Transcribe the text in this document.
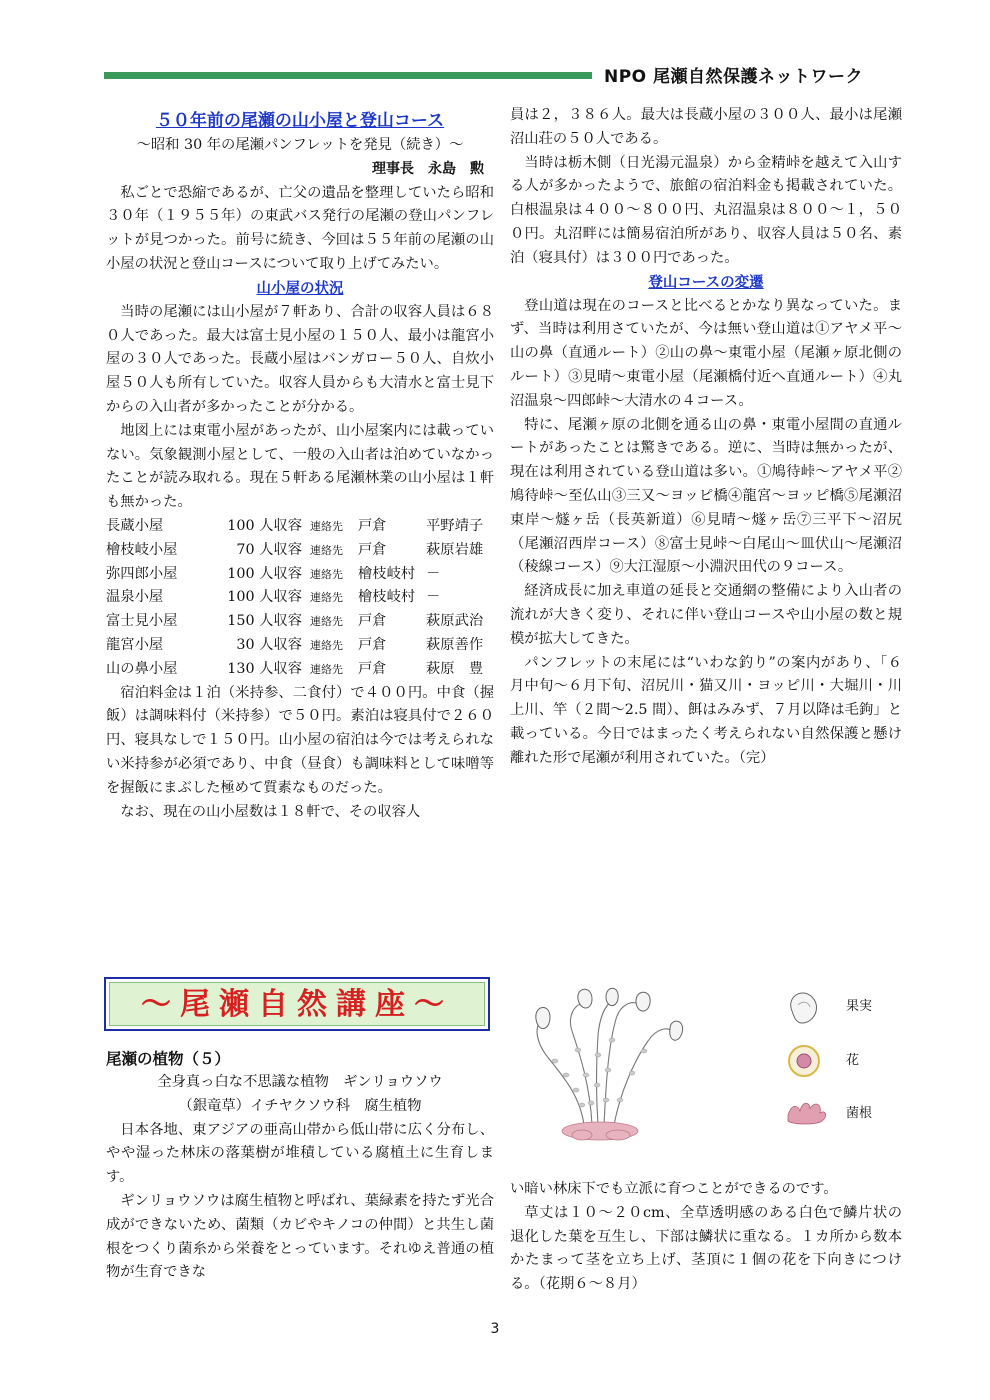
NPO 尾瀬自然保護ネットワーク
５０年前の尾瀬の山小屋と登山コース
～昭和 30 年の尾瀬パンフレットを発見（続き）～
理事長　永島　勲

私ごとで恐縮であるが、亡父の遺品を整理していたら昭和３０年（１９５５年）の東武バス発行の尾瀬の登山パンフレットが見つかった。前号に続き、今回は５５年前の尾瀬の山小屋の状況と登山コースについて取り上げてみたい。

山小屋の状況

当時の尾瀬には山小屋が７軒あり、合計の収容人員は６８０人であった。最大は富士見小屋の１５０人、最小は龍宮小屋の３０人であった。長蔵小屋はバンガロー５０人、自炊小屋５０人も所有していた。収容人員からも大清水と富士見下からの入山者が多かったことが分かる。

地図上には東電小屋があったが、山小屋案内には載っていない。気象観測小屋として、一般の入山者は泊めていなかったことが読み取れる。現在５軒ある尾瀬林業の山小屋は１軒も無かった。

長蔵小屋	100 人収容	連絡先	戸倉	平野靖子
檜枝岐小屋	70 人収容	連絡先	戸倉	萩原岩雄
弥四郎小屋	100 人収容	連絡先	檜枝岐村	－
温泉小屋	100 人収容	連絡先	檜枝岐村	－
富士見小屋	150 人収容	連絡先	戸倉	萩原武治
龍宮小屋	30 人収容	連絡先	戸倉	萩原善作
山の鼻小屋	130 人収容	連絡先	戸倉	萩原　豊

宿泊料金は１泊（米持参、二食付）で４００円。中食（握飯）は調味料付（米持参）で５０円。素泊は寝具付で２６０円、寝具なしで１５０円。山小屋の宿泊は今では考えられない米持参が必須であり、中食（昼食）も調味料として味噌等を握飯にまぶした極めて質素なものだった。

なお、現在の山小屋数は１８軒で、その収容人

員は２，３８６人。最大は長蔵小屋の３００人、最小は尾瀬沼山荘の５０人である。

当時は栃木側（日光湯元温泉）から金精峠を越えて入山する人が多かったようで、旅館の宿泊料金も掲載されていた。白根温泉は４００～８００円、丸沼温泉は８００～１，５００円。丸沼畔には簡易宿泊所があり、収容人員は５０名、素泊（寝具付）は３００円であった。

登山コースの変遷

登山道は現在のコースと比べるとかなり異なっていた。まず、当時は利用さていたが、今は無い登山道は①アヤメ平～山の鼻（直通ルート）②山の鼻～東電小屋（尾瀬ヶ原北側のルート）③見晴～東電小屋（尾瀬橋付近へ直通ルート）④丸沼温泉～四郎峠～大清水の４コース。

特に、尾瀬ヶ原の北側を通る山の鼻・東電小屋間の直通ルートがあったことは驚きである。逆に、当時は無かったが、現在は利用されている登山道は多い。①鳩待峠～アヤメ平②鳩待峠～至仏山③三又～ヨッピ橋④龍宮～ヨッピ橋⑤尾瀬沼東岸～燧ヶ岳（長英新道）⑥見晴～燧ヶ岳⑦三平下～沼尻（尾瀬沼西岸コース）⑧富士見峠～白尾山～皿伏山～尾瀬沼（稜線コース）⑨大江湿原～小淵沢田代の９コース。

経済成長に加え車道の延長と交通網の整備により入山者の流れが大きく変り、それに伴い登山コースや山小屋の数と規模が拡大してきた。

パンフレットの末尾には“いわな釣り”の案内があり、「６月中旬～６月下旬、沼尻川・猫又川・ヨッピ川・大堀川・川上川、竿（２間～2.5 間）、餌はみみず、７月以降は毛鉤」と載っている。今日ではまったく考えられない自然保護と懸け離れた形で尾瀬が利用されていた。（完）

～尾瀬自然講座～
尾瀬の植物（５）
全身真っ白な不思議な植物　ギンリョウソウ
（銀竜草）イチヤクソウ科　腐生植物

日本各地、東アジアの亜高山帯から低山帯に広く分布し、やや湿った林床の落葉樹が堆積している腐植土に生育します。

ギンリョウソウは腐生植物と呼ばれ、葉緑素を持たず光合成ができないため、菌類（カビやキノコの仲間）と共生し菌根をつくり菌糸から栄養をとっています。それゆえ普通の植物が生育できな

果実
花
菌根

い暗い林床下でも立派に育つことができるのです。

草丈は１０～２０cm、全草透明感のある白色で鱗片状の退化した葉を互生し、下部は鱗状に重なる。１カ所から数本かたまって茎を立ち上げ、茎頂に１個の花を下向きにつける。（花期６～８月）

3
